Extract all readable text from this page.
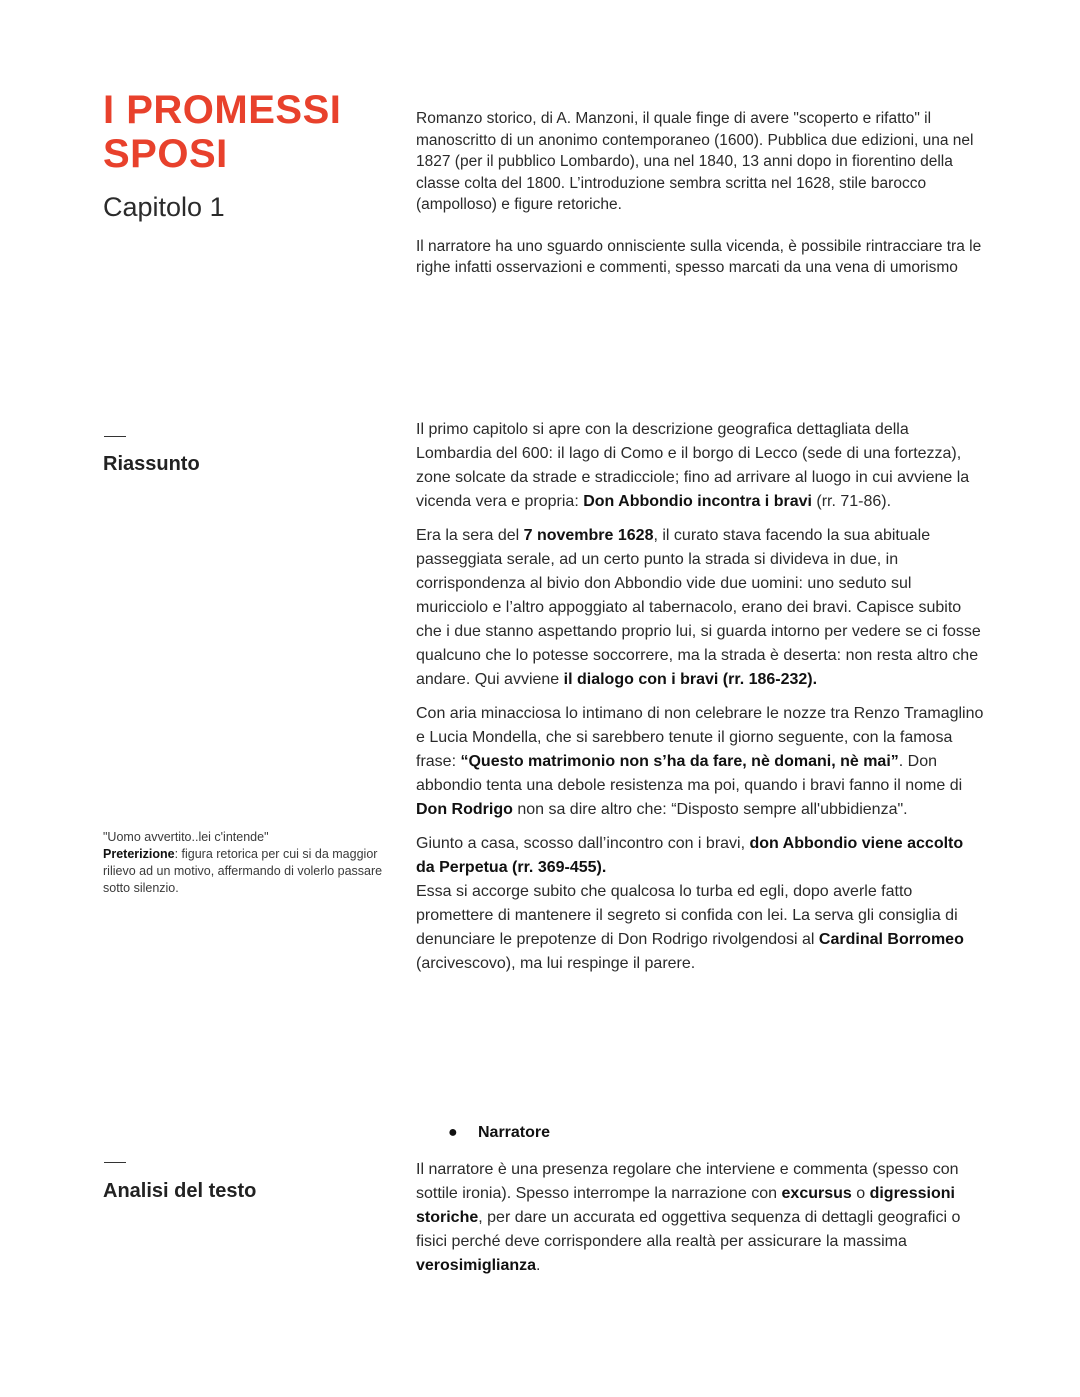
I PROMESSI
SPOSI
Capitolo 1

Romanzo storico, di A. Manzoni, il quale finge di avere "scoperto e rifatto" il manoscritto di un anonimo contemporaneo (1600). Pubblica due edizioni, una nel 1827 (per il pubblico Lombardo), una nel 1840, 13 anni dopo in fiorentino della classe colta del 1800. L’introduzione sembra scritta nel 1628, stile barocco (ampolloso) e figure retoriche.

Il narratore ha uno sguardo onnisciente sulla vicenda, è possibile rintracciare tra le righe infatti osservazioni e commenti, spesso marcati da una vena di umorismo

Riassunto

Il primo capitolo si apre con la descrizione geografica dettagliata della Lombardia del 600: il lago di Como e il borgo di Lecco (sede di una fortezza), zone solcate da strade e stradicciole; fino ad arrivare al luogo in cui avviene la vicenda vera e propria: Don Abbondio incontra i bravi (rr. 71-86).

Era la sera del 7 novembre 1628, il curato stava facendo la sua abituale passeggiata serale, ad un certo punto la strada si divideva in due, in corrispondenza al bivio don Abbondio vide due uomini: uno seduto sul muricciolo e l’altro appoggiato al tabernacolo, erano dei bravi. Capisce subito che i due stanno aspettando proprio lui, si guarda intorno per vedere se ci fosse qualcuno che lo potesse soccorrere, ma la strada è deserta: non resta altro che andare. Qui avviene il dialogo con i bravi (rr. 186-232).

Con aria minacciosa lo intimano di non celebrare le nozze tra Renzo Tramaglino e Lucia Mondella, che si sarebbero tenute il giorno seguente, con la famosa frase: “Questo matrimonio non s’ha da fare, nè domani, nè mai”. Don abbondio tenta una debole resistenza ma poi, quando i bravi fanno il nome di Don Rodrigo non sa dire altro che: “Disposto sempre all'ubbidienza".

Giunto a casa, scosso dall’incontro con i bravi, don Abbondio viene accolto da Perpetua (rr. 369-455).
Essa si accorge subito che qualcosa lo turba ed egli, dopo averle fatto promettere di mantenere il segreto si confida con lei. La serva gli consiglia di denunciare le prepotenze di Don Rodrigo rivolgendosi al Cardinal Borromeo (arcivescovo), ma lui respinge il parere.

"Uomo avvertito..lei c'intende"
Preterizione: figura retorica per cui si da maggior rilievo ad un motivo, affermando di volerlo passare sotto silenzio.
● Narratore
Analisi del testo

Il narratore è una presenza regolare che interviene e commenta (spesso con sottile ironia). Spesso interrompe la narrazione con excursus o digressioni storiche, per dare un accurata ed oggettiva sequenza di dettagli geografici o fisici perché deve corrispondere alla realtà per assicurare la massima verosimiglianza.
